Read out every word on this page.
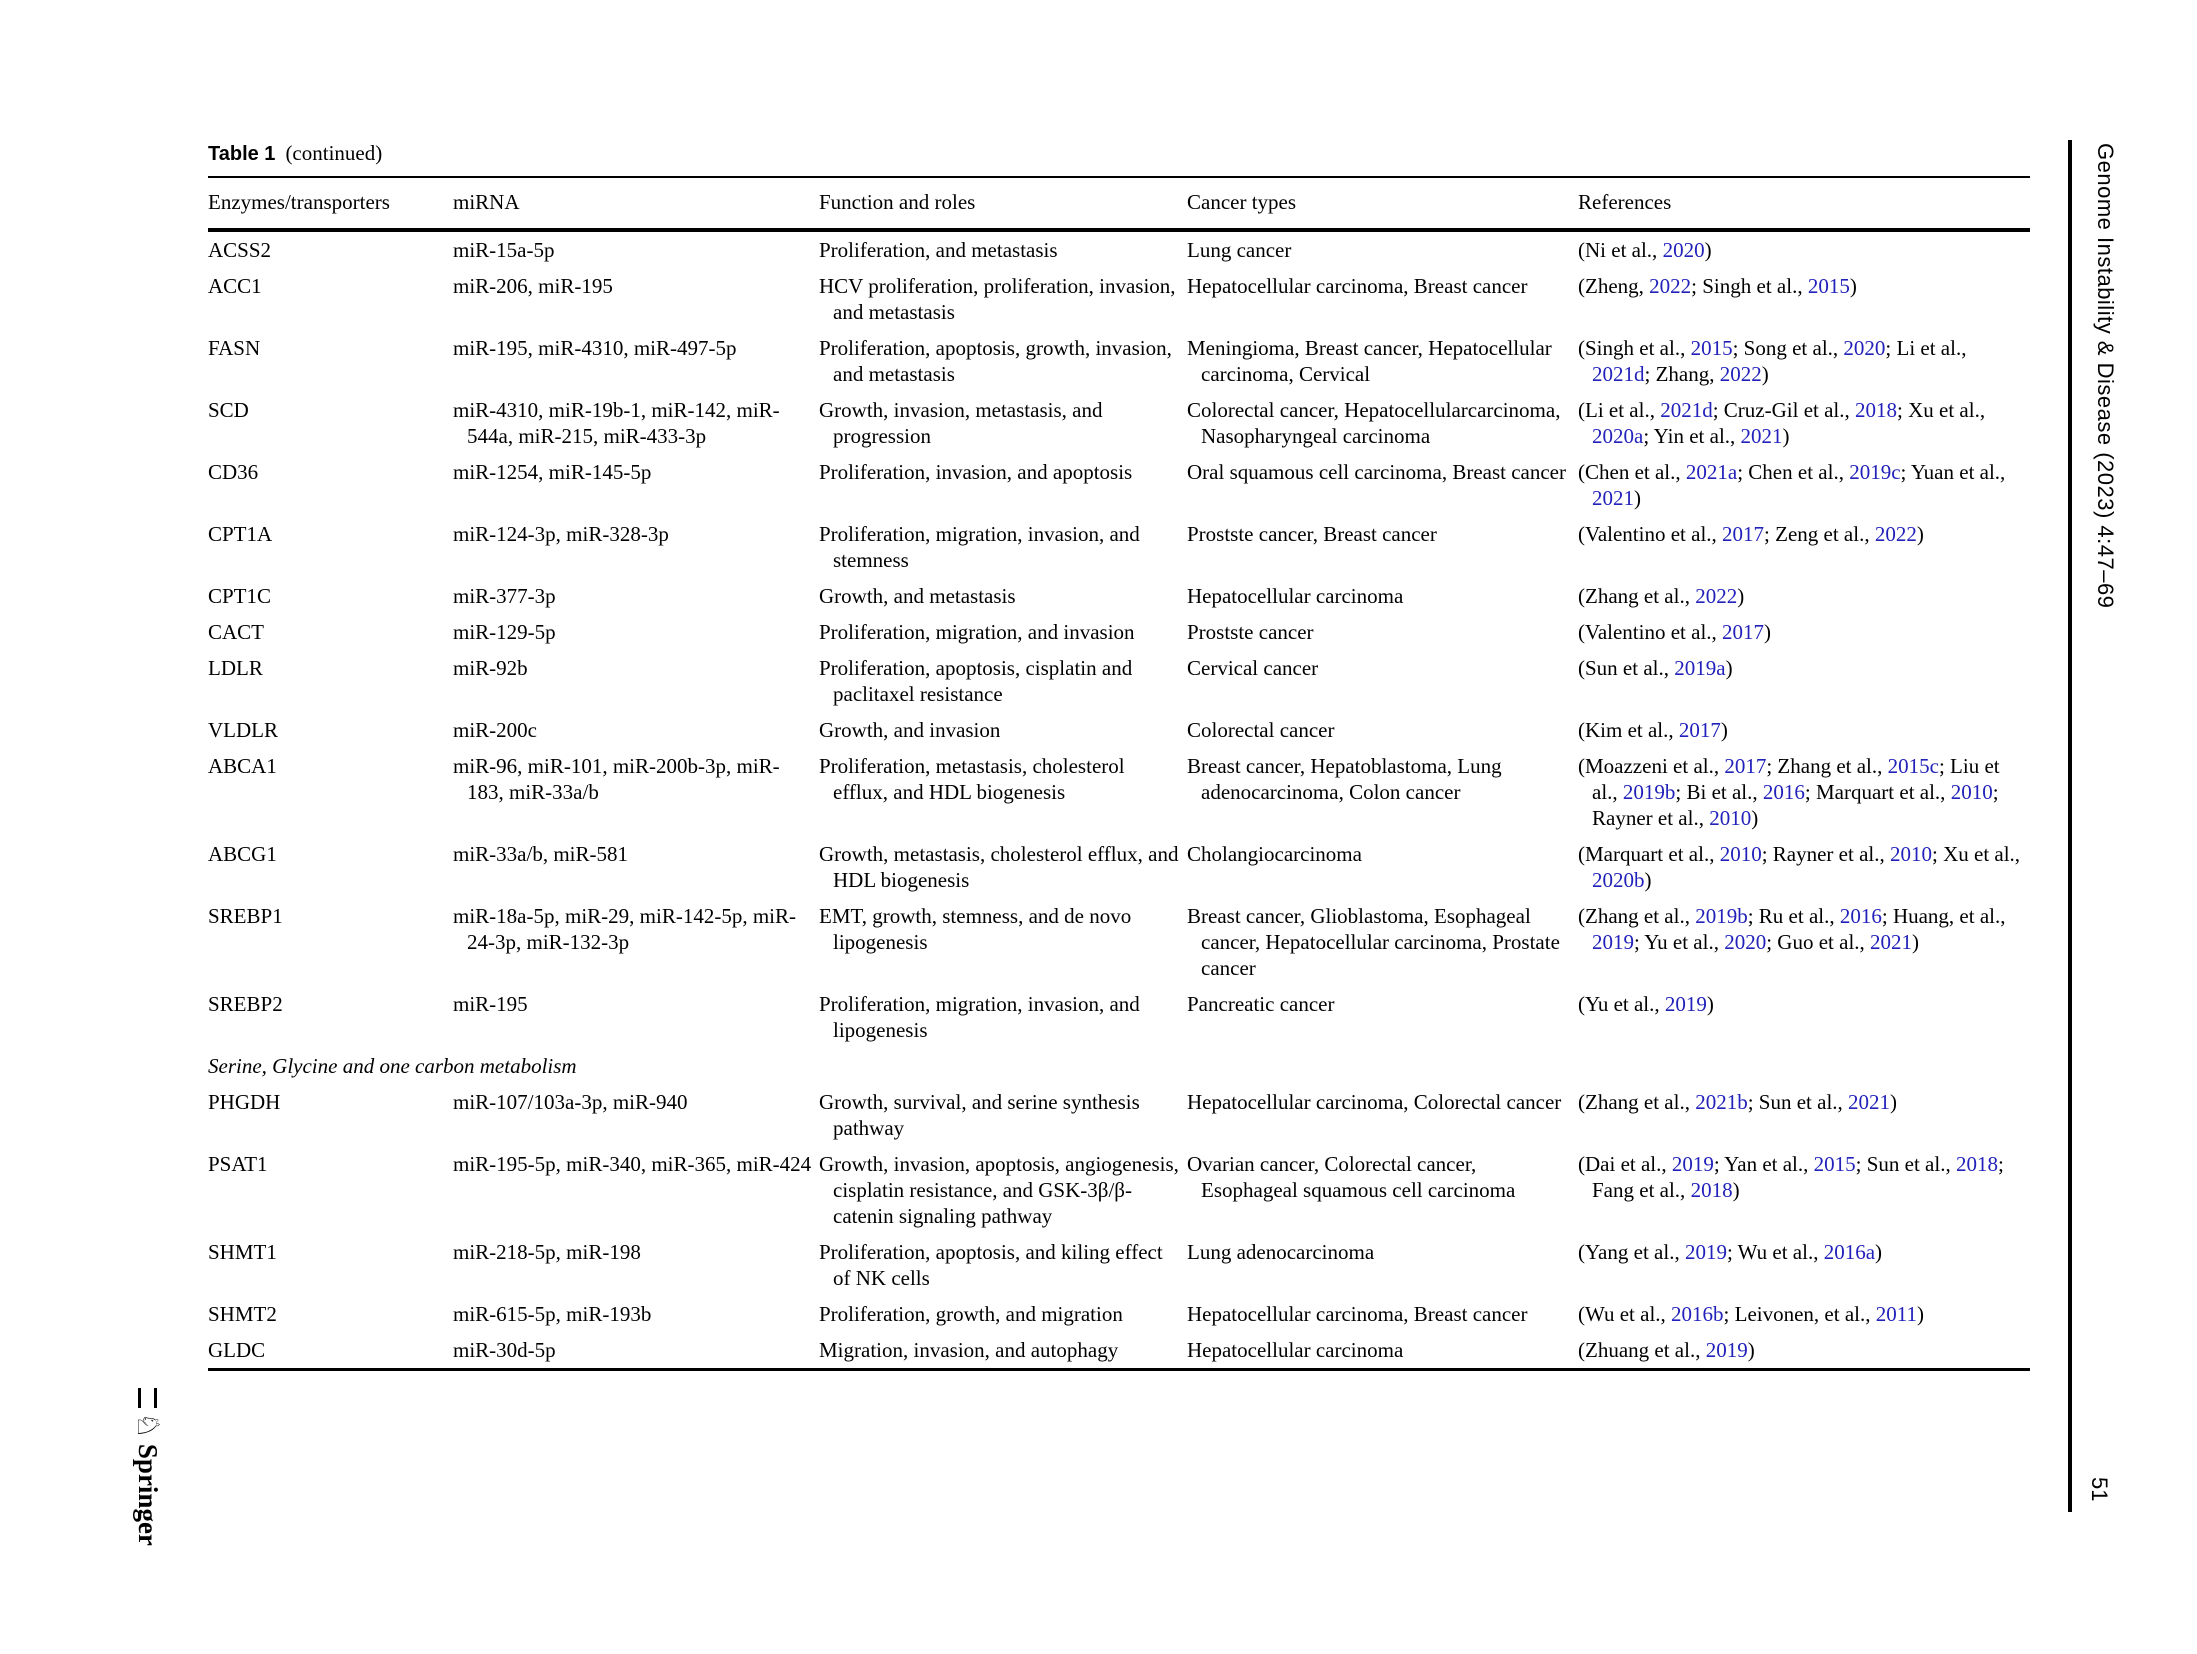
Table 1 (continued)
Enzymes/transporters	miRNA	Function and roles	Cancer types	References
ACSS2	miR-15a-5p	Proliferation, and metastasis	Lung cancer	(Ni et al., 2020)
ACC1	miR-206, miR-195	HCV proliferation, proliferation, invasion, and metastasis	Hepatocellular carcinoma, Breast cancer	(Zheng, 2022; Singh et al., 2015)
FASN	miR-195, miR-4310, miR-497-5p	Proliferation, apoptosis, growth, invasion, and metastasis	Meningioma, Breast cancer, Hepatocellular carcinoma, Cervical	(Singh et al., 2015; Song et al., 2020; Li et al., 2021d; Zhang, 2022)
SCD	miR-4310, miR-19b-1, miR-142, miR-544a, miR-215, miR-433-3p	Growth, invasion, metastasis, and progression	Colorectal cancer, Hepatocellularcarcinoma, Nasopharyngeal carcinoma	(Li et al., 2021d; Cruz-Gil et al., 2018; Xu et al., 2020a; Yin et al., 2021)
CD36	miR-1254, miR-145-5p	Proliferation, invasion, and apoptosis	Oral squamous cell carcinoma, Breast cancer	(Chen et al., 2021a; Chen et al., 2019c; Yuan et al., 2021)
CPT1A	miR-124-3p, miR-328-3p	Proliferation, migration, invasion, and stemness	Prostste cancer, Breast cancer	(Valentino et al., 2017; Zeng et al., 2022)
CPT1C	miR-377-3p	Growth, and metastasis	Hepatocellular carcinoma	(Zhang et al., 2022)
CACT	miR-129-5p	Proliferation, migration, and invasion	Prostste cancer	(Valentino et al., 2017)
LDLR	miR-92b	Proliferation, apoptosis, cisplatin and paclitaxel resistance	Cervical cancer	(Sun et al., 2019a)
VLDLR	miR-200c	Growth, and invasion	Colorectal cancer	(Kim et al., 2017)
ABCA1	miR-96, miR-101, miR-200b-3p, miR-183, miR-33a/b	Proliferation, metastasis, cholesterol efflux, and HDL biogenesis	Breast cancer, Hepatoblastoma, Lung adenocarcinoma, Colon cancer	(Moazzeni et al., 2017; Zhang et al., 2015c; Liu et al., 2019b; Bi et al., 2016; Marquart et al., 2010; Rayner et al., 2010)
ABCG1	miR-33a/b, miR-581	Growth, metastasis, cholesterol efflux, and HDL biogenesis	Cholangiocarcinoma	(Marquart et al., 2010; Rayner et al., 2010; Xu et al., 2020b)
SREBP1	miR-18a-5p, miR-29, miR-142-5p, miR-24-3p, miR-132-3p	EMT, growth, stemness, and de novo lipogenesis	Breast cancer, Glioblastoma, Esophageal cancer, Hepatocellular carcinoma, Prostate cancer	(Zhang et al., 2019b; Ru et al., 2016; Huang, et al., 2019; Yu et al., 2020; Guo et al., 2021)
SREBP2	miR-195	Proliferation, migration, invasion, and lipogenesis	Pancreatic cancer	(Yu et al., 2019)
Serine, Glycine and one carbon metabolism				
PHGDH	miR-107/103a-3p, miR-940	Growth, survival, and serine synthesis pathway	Hepatocellular carcinoma, Colorectal cancer	(Zhang et al., 2021b; Sun et al., 2021)
PSAT1	miR-195-5p, miR-340, miR-365, miR-424	Growth, invasion, apoptosis, angiogenesis, cisplatin resistance, and GSK-3β/β-catenin signaling pathway	Ovarian cancer, Colorectal cancer, Esophageal squamous cell carcinoma	(Dai et al., 2019; Yan et al., 2015; Sun et al., 2018; Fang et al., 2018)
SHMT1	miR-218-5p, miR-198	Proliferation, apoptosis, and kiling effect of NK cells	Lung adenocarcinoma	(Yang et al., 2019; Wu et al., 2016a)
SHMT2	miR-615-5p, miR-193b	Proliferation, growth, and migration	Hepatocellular carcinoma, Breast cancer	(Wu et al., 2016b; Leivonen, et al., 2011)
GLDC	miR-30d-5p	Migration, invasion, and autophagy	Hepatocellular carcinoma	(Zhuang et al., 2019)
♘
Springer
Genome Instability & Disease (2023) 4:47–69
51
